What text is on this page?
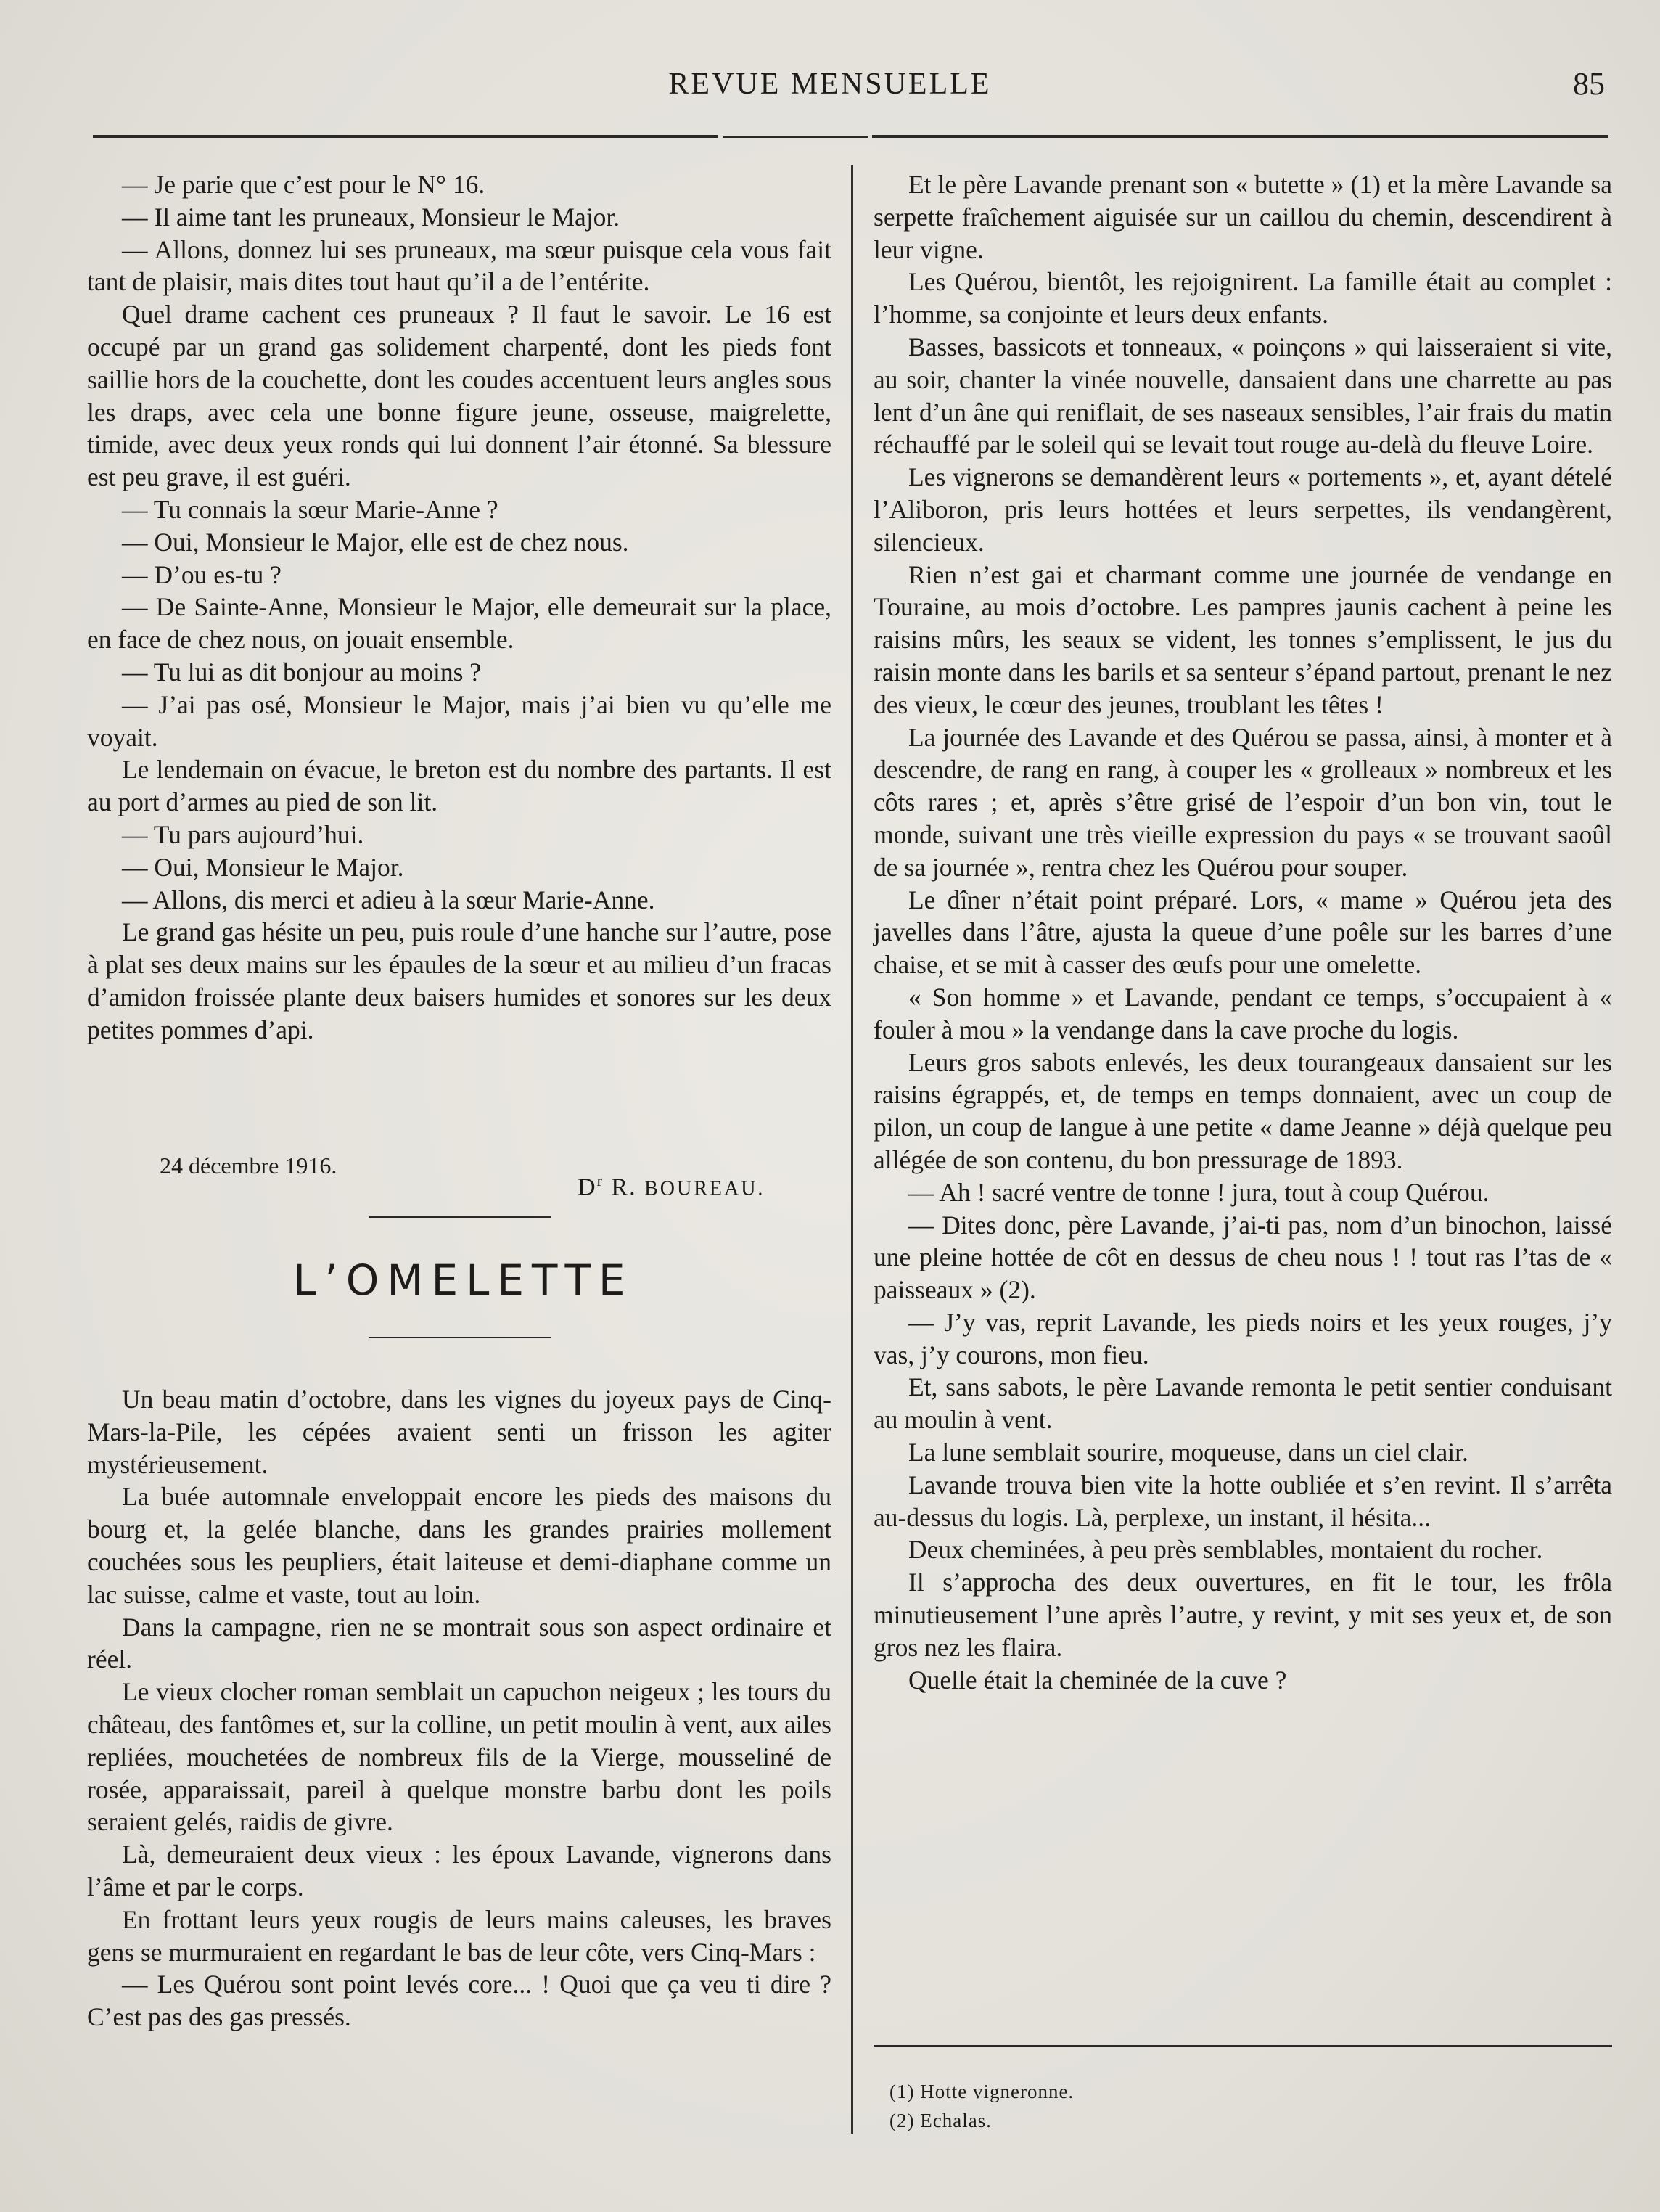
REVUE MENSUELLE	85

— Je parie que c’est pour le N° 16.

— Il aime tant les pruneaux, Monsieur le Major.

— Allons, donnez lui ses pruneaux, ma sœur puisque cela vous fait tant de plaisir, mais dites tout haut qu’il a de l’entérite.

Quel drame cachent ces pruneaux ? Il faut le savoir. Le 16 est occupé par un grand gas solidement charpenté, dont les pieds font saillie hors de la couchette, dont les coudes accentuent leurs angles sous les draps, avec cela une bonne figure jeune, osseuse, maigrelette, timide, avec deux yeux ronds qui lui donnent l’air étonné. Sa blessure est peu grave, il est guéri.

— Tu connais la sœur Marie-Anne ?

— Oui, Monsieur le Major, elle est de chez nous.

— D’ou es-tu ?

— De Sainte-Anne, Monsieur le Major, elle demeurait sur la place, en face de chez nous, on jouait ensemble.

— Tu lui as dit bonjour au moins ?

— J’ai pas osé, Monsieur le Major, mais j’ai bien vu qu’elle me voyait.

Le lendemain on évacue, le breton est du nombre des partants. Il est au port d’armes au pied de son lit.

— Tu pars aujourd’hui.

— Oui, Monsieur le Major.

— Allons, dis merci et adieu à la sœur Marie-Anne.

Le grand gas hésite un peu, puis roule d’une hanche sur l’autre, pose à plat ses deux mains sur les épaules de la sœur et au milieu d’un fracas d’amidon froissée plante deux baisers humides et sonores sur les deux petites pommes d’api.

24 décembre 1916.
$D^r$ R. BOUREAU.
L’OMELETTE

Un beau matin d’octobre, dans les vignes du joyeux pays de Cinq-Mars-la-Pile, les cépées avaient senti un frisson les agiter mystérieusement.

La buée automnale enveloppait encore les pieds des maisons du bourg et, la gelée blanche, dans les grandes prairies mollement couchées sous les peupliers, était laiteuse et demi-diaphane comme un lac suisse, calme et vaste, tout au loin.

Dans la campagne, rien ne se montrait sous son aspect ordinaire et réel.

Le vieux clocher roman semblait un capuchon neigeux ; les tours du château, des fantômes et, sur la colline, un petit moulin à vent, aux ailes repliées, mouchetées de nombreux fils de la Vierge, mousseliné de rosée, apparaissait, pareil à quelque monstre barbu dont les poils seraient gelés, raidis de givre.

Là, demeuraient deux vieux : les époux Lavande, vignerons dans l’âme et par le corps.

En frottant leurs yeux rougis de leurs mains caleuses, les braves gens se murmuraient en regardant le bas de leur côte, vers Cinq-Mars :

— Les Quérou sont point levés core... ! Quoi que ça veu ti dire ? C’est pas des gas pressés.

Et le père Lavande prenant son « butette » (1) et la mère Lavande sa serpette fraîchement aiguisée sur un caillou du chemin, descendirent à leur vigne.

Les Quérou, bientôt, les rejoignirent. La famille était au complet : l’homme, sa conjointe et leurs deux enfants.

Basses, bassicots et tonneaux, « poinçons » qui laisseraient si vite, au soir, chanter la vinée nouvelle, dansaient dans une charrette au pas lent d’un âne qui reniflait, de ses naseaux sensibles, l’air frais du matin réchauffé par le soleil qui se levait tout rouge au-delà du fleuve Loire.

Les vignerons se demandèrent leurs « portements », et, ayant dételé l’Aliboron, pris leurs hottées et leurs serpettes, ils vendangèrent, silencieux.

Rien n’est gai et charmant comme une journée de vendange en Touraine, au mois d’octobre. Les pampres jaunis cachent à peine les raisins mûrs, les seaux se vident, les tonnes s’emplissent, le jus du raisin monte dans les barils et sa senteur s’épand partout, prenant le nez des vieux, le cœur des jeunes, troublant les têtes !

La journée des Lavande et des Quérou se passa, ainsi, à monter et à descendre, de rang en rang, à couper les « grolleaux » nombreux et les côts rares ; et, après s’être grisé de l’espoir d’un bon vin, tout le monde, suivant une très vieille expression du pays « se trouvant saoûl de sa journée », rentra chez les Quérou pour souper.

Le dîner n’était point préparé. Lors, « mame » Quérou jeta des javelles dans l’âtre, ajusta la queue d’une poêle sur les barres d’une chaise, et se mit à casser des œufs pour une omelette.

« Son homme » et Lavande, pendant ce temps, s’occupaient à « fouler à mou » la vendange dans la cave proche du logis.

Leurs gros sabots enlevés, les deux tourangeaux dansaient sur les raisins égrappés, et, de temps en temps donnaient, avec un coup de pilon, un coup de langue à une petite « dame Jeanne » déjà quelque peu allégée de son contenu, du bon pressurage de 1893.

— Ah ! sacré ventre de tonne ! jura, tout à coup Quérou.

— Dites donc, père Lavande, j’ai-ti pas, nom d’un binochon, laissé une pleine hottée de côt en dessus de cheu nous ! ! tout ras l’tas de « paisseaux » (2).

— J’y vas, reprit Lavande, les pieds noirs et les yeux rouges, j’y vas, j’y courons, mon fieu.

Et, sans sabots, le père Lavande remonta le petit sentier conduisant au moulin à vent.

La lune semblait sourire, moqueuse, dans un ciel clair.

Lavande trouva bien vite la hotte oubliée et s’en revint. Il s’arrêta au-dessus du logis. Là, perplexe, un instant, il hésita...

Deux cheminées, à peu près semblables, montaient du rocher.

Il s’approcha des deux ouvertures, en fit le tour, les frôla minutieusement l’une après l’autre, y revint, y mit ses yeux et, de son gros nez les flaira.

Quelle était la cheminée de la cuve ?

(1) Hotte vigneronne.
(2) Echalas.
